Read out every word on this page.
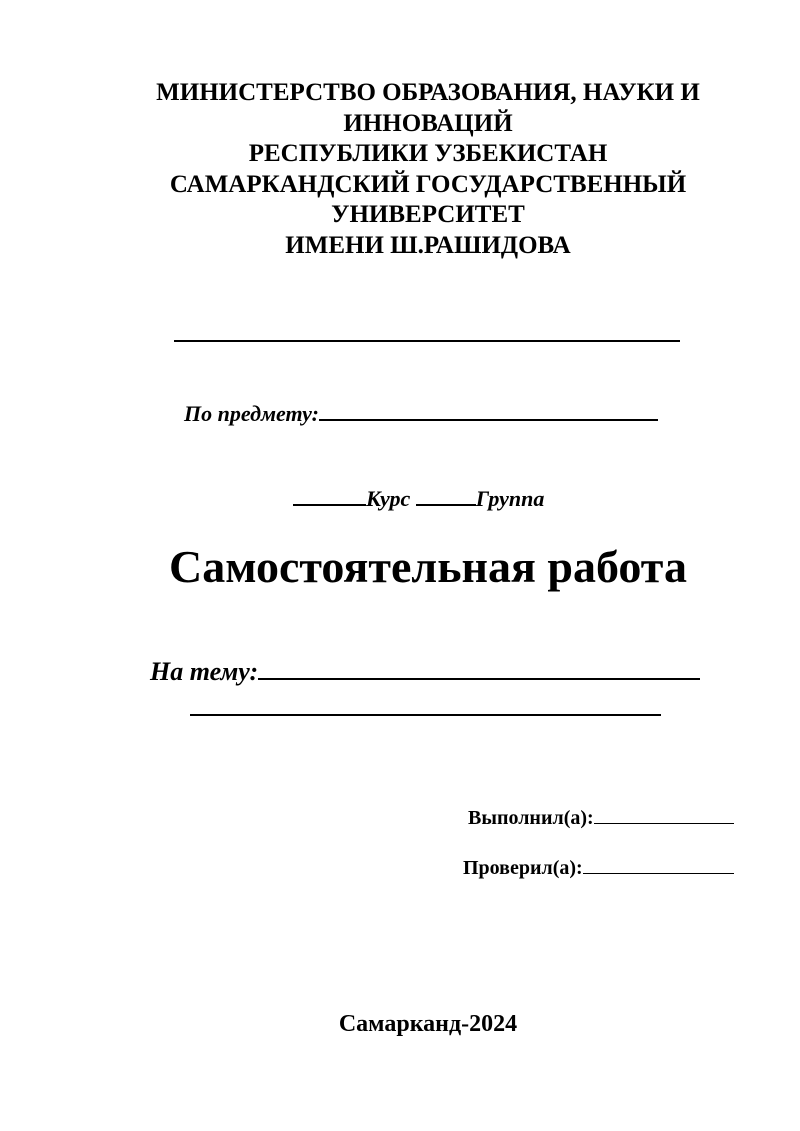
МИНИСТЕРСТВО ОБРАЗОВАНИЯ, НАУКИ И
ИННОВАЦИЙ
РЕСПУБЛИКИ УЗБЕКИСТАН
САМАРКАНДСКИЙ ГОСУДАРСТВЕННЫЙ
УНИВЕРСИТЕТ
ИМЕНИ Ш.РАШИДОВА
По предмету:
Курс	Группа
Самостоятельная работа
На тему:
Выполнил(а):
Проверил(а):
Самарканд-2024
